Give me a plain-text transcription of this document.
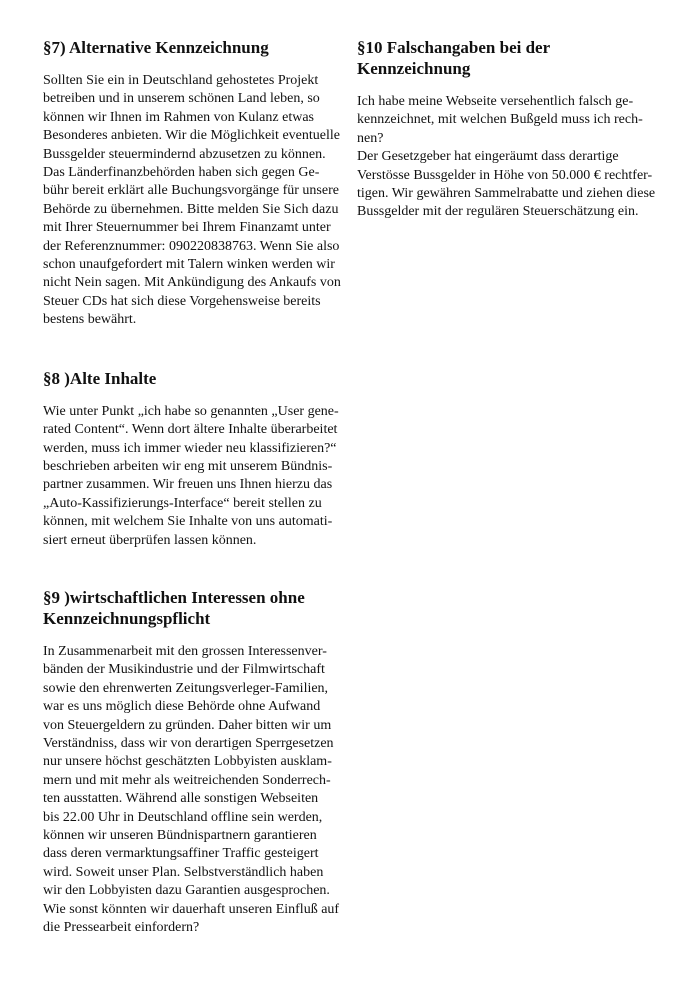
§7) Alternative Kennzeichnung

Sollten Sie ein in Deutschland gehostetes Projekt
betreiben und in unserem schönen Land leben, so
können wir Ihnen im Rahmen von Kulanz etwas
Besonderes anbieten. Wir die Möglichkeit eventuelle
Bussgelder steuermindernd abzusetzen zu können.
Das Länderfinanzbehörden haben sich gegen Ge-
bühr bereit erklärt alle Buchungsvorgänge für unsere
Behörde zu übernehmen. Bitte melden Sie Sich dazu
mit Ihrer Steuernummer bei Ihrem Finanzamt unter
der Referenznummer: 090220838763. Wenn Sie also
schon unaufgefordert mit Talern winken werden wir
nicht Nein sagen. Mit Ankündigung des Ankaufs von
Steuer CDs hat sich diese Vorgehensweise bereits
bestens bewährt.

§8 )Alte Inhalte

Wie unter Punkt „ich habe so genannten „User gene-
rated Content“. Wenn dort ältere Inhalte überarbeitet
werden, muss ich immer wieder neu klassifizieren?“
beschrieben arbeiten wir eng mit unserem Bündnis-
partner zusammen. Wir freuen uns Ihnen hierzu das
„Auto-Kassifizierungs-Interface“ bereit stellen zu
können, mit welchem Sie Inhalte von uns automati-
siert erneut überprüfen lassen können.

§9 )wirtschaftlichen Interessen ohne
Kennzeichnungspflicht

In Zusammenarbeit mit den grossen Interessenver-
bänden der Musikindustrie und der Filmwirtschaft
sowie den ehrenwerten Zeitungsverleger-Familien,
war es uns möglich diese Behörde ohne Aufwand
von Steuergeldern zu gründen. Daher bitten wir um
Verständniss, dass wir von derartigen Sperrgesetzen
nur unsere höchst geschätzten Lobbyisten ausklam-
mern und mit mehr als weitreichenden Sonderrech-
ten ausstatten. Während alle sonstigen Webseiten
bis 22.00 Uhr in Deutschland offline sein werden,
können wir unseren Bündnispartnern garantieren
dass deren vermarktungsaffiner Traffic gesteigert
wird. Soweit unser Plan. Selbstverständlich haben
wir den Lobbyisten dazu Garantien ausgesprochen.
Wie sonst könnten wir dauerhaft unseren Einfluß auf
die Pressearbeit einfordern?

§10 Falschangaben bei der Kennzeichnung

Ich habe meine Webseite versehentlich falsch ge-
kennzeichnet, mit welchen Bußgeld muss ich rech-
nen?
Der Gesetzgeber hat eingeräumt dass derartige
Verstösse Bussgelder in Höhe von 50.000 € rechtfer-
tigen. Wir gewähren Sammelrabatte und ziehen diese
Bussgelder mit der regulären Steuerschätzung ein.
